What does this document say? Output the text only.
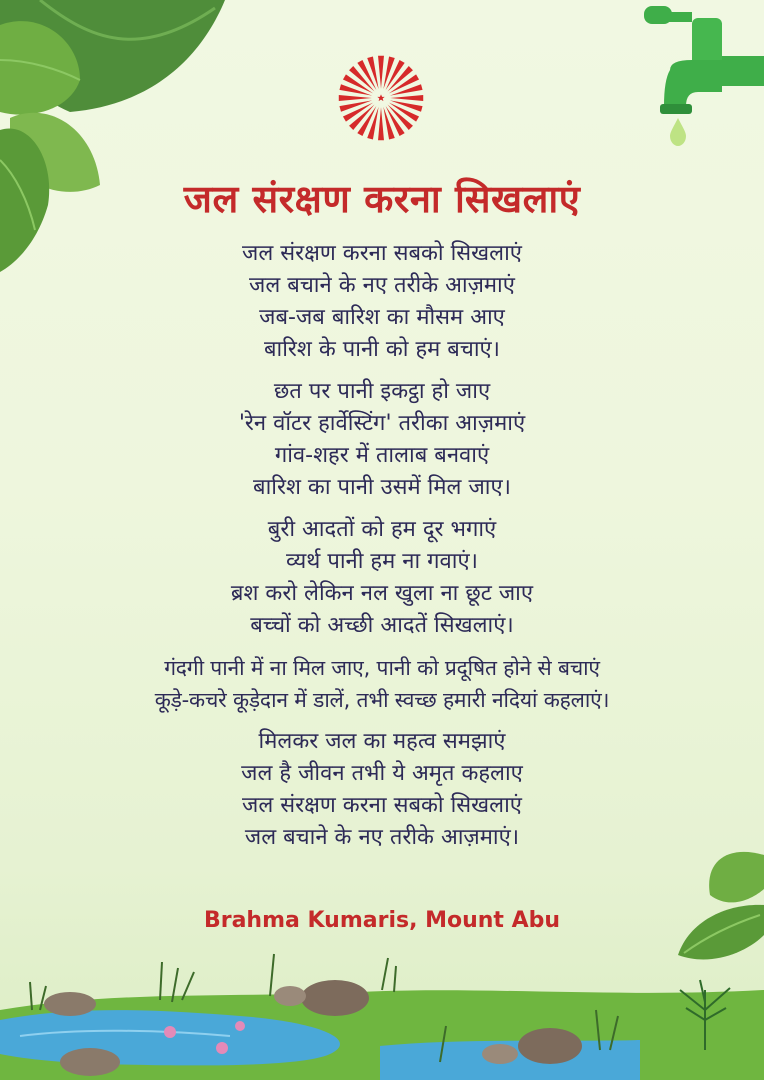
जल संरक्षण करना सिखलाएं
जल संरक्षण करना सबको सिखलाएं
जल बचाने के नए तरीके आज़माएं
जब-जब बारिश का मौसम आए
बारिश के पानी को हम बचाएं।
छत पर पानी इकट्ठा हो जाए
'रेन वॉटर हार्वेस्टिंग' तरीका आज़माएं
गांव-शहर में तालाब बनवाएं
बारिश का पानी उसमें मिल जाए।
बुरी आदतों को हम दूर भगाएं
व्यर्थ पानी हम ना गवाएं।
ब्रश करो लेकिन नल खुला ना छूट जाए
बच्चों को अच्छी आदतें सिखलाएं।
गंदगी पानी में ना मिल जाए, पानी को प्रदूषित होने से बचाएं
कूड़े-कचरे कूड़ेदान में डालें, तभी स्वच्छ हमारी नदियां कहलाएं।
मिलकर जल का महत्व समझाएं
जल है जीवन तभी ये अमृत कहलाए
जल संरक्षण करना सबको सिखलाएं
जल बचाने के नए तरीके आज़माएं।
Brahma Kumaris, Mount Abu
